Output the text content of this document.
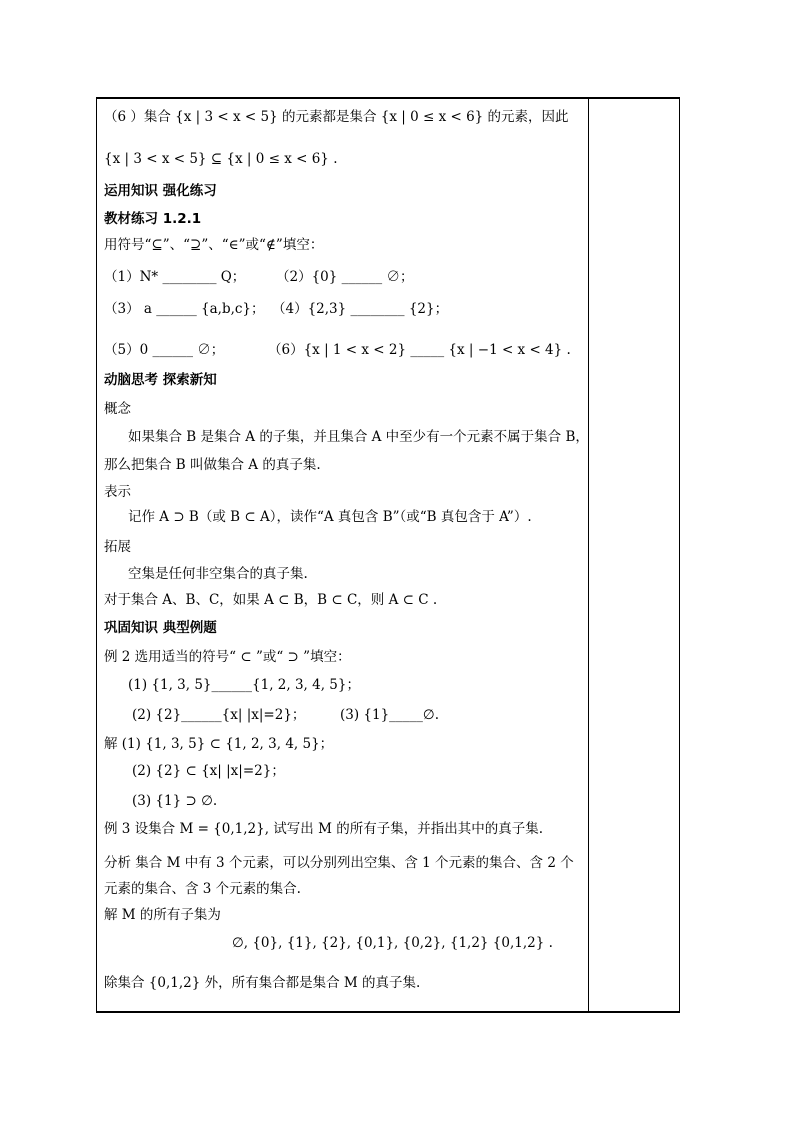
（6 ）集合 {x | 3 < x < 5} 的元素都是集合 {x | 0 ≤ x < 6} 的元素，因此
{x | 3 < x < 5} ⊆ {x | 0 ≤ x < 6} .
运用知识 强化练习
教材练习 1.2.1
用符号“⊆”、“⊇”、“∈”或“∉”填空：
（1）N* ________ Q； （2）{0} ______ ∅；
（3） a ______ {a,b,c}； （4）{2,3} ________ {2}；
（5）0 ______ ∅；	（6）{x | 1 < x < 2} _____ {x | −1 < x < 4} .
动脑思考 探索新知
概念
如果集合 B 是集合 A 的子集，并且集合 A 中至少有一个元素不属于集合 B，
那么把集合 B 叫做集合 A 的真子集.
表示
记作 A ⊃ B（或 B ⊂ A），读作“A 真包含 B”（或“B 真包含于 A”）.
拓展
空集是任何非空集合的真子集.
对于集合 A、B、C，如果 A ⊂ B，B ⊂ C，则 A ⊂ C .
巩固知识 典型例题
例 2 选用适当的符号“ ⊂ ”或“ ⊃ ”填空：
(1) {1, 3, 5}______{1, 2, 3, 4, 5}；
(2) {2}______{x| |x|=2}；	(3) {1}_____∅.
解 (1) {1, 3, 5} ⊂ {1, 2, 3, 4, 5}；
(2) {2} ⊂ {x| |x|=2}；
(3) {1} ⊃ ∅.
例 3 设集合 M = {0,1,2}, 试写出 M 的所有子集，并指出其中的真子集.
分析 集合 M 中有 3 个元素，可以分别列出空集、含 1 个元素的集合、含 2 个
元素的集合、含 3 个元素的集合.
解 M 的所有子集为
∅, {0}, {1}, {2}, {0,1}, {0,2}, {1,2} {0,1,2} .
除集合 {0,1,2} 外，所有集合都是集合 M 的真子集.
